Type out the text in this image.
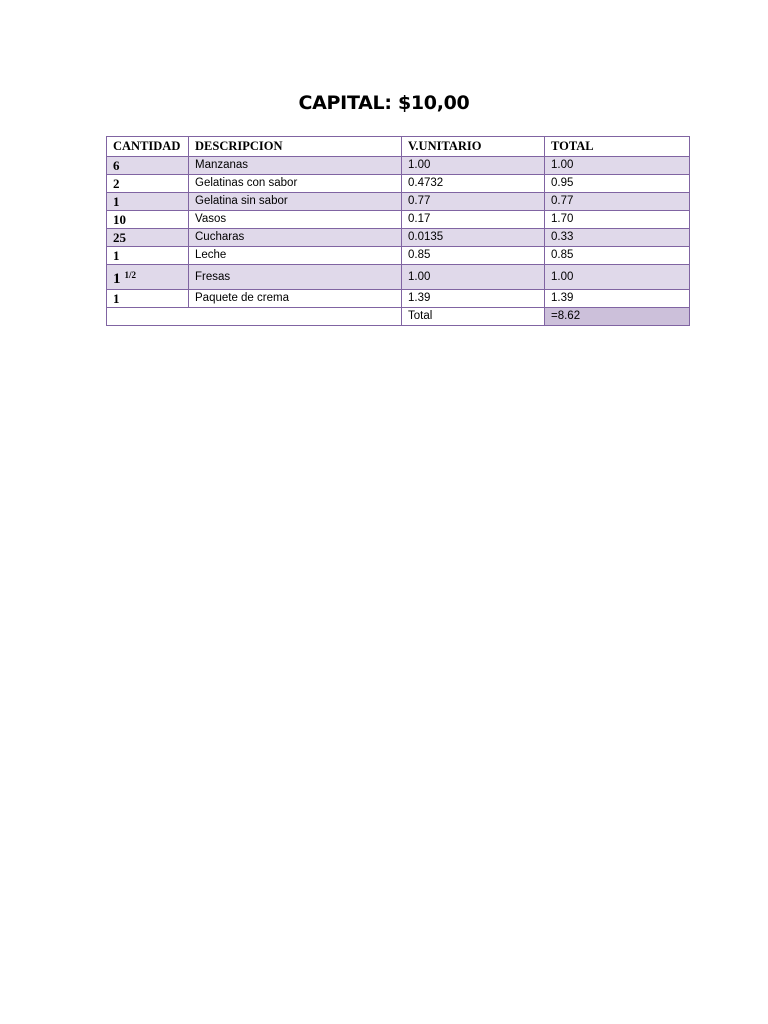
CAPITAL: $10,00
CANTIDAD	DESCRIPCION	V.UNITARIO	TOTAL
6	Manzanas	1.00	1.00
2	Gelatinas con sabor	0.4732	0.95
1	Gelatina sin sabor	0.77	0.77
10	Vasos	0.17	1.70
25	Cucharas	0.0135	0.33
1	Leche	0.85	0.85
1 $^{1/2}$	Fresas	1.00	1.00
1	Paquete de crema	1.39	1.39
		Total	=8.62
